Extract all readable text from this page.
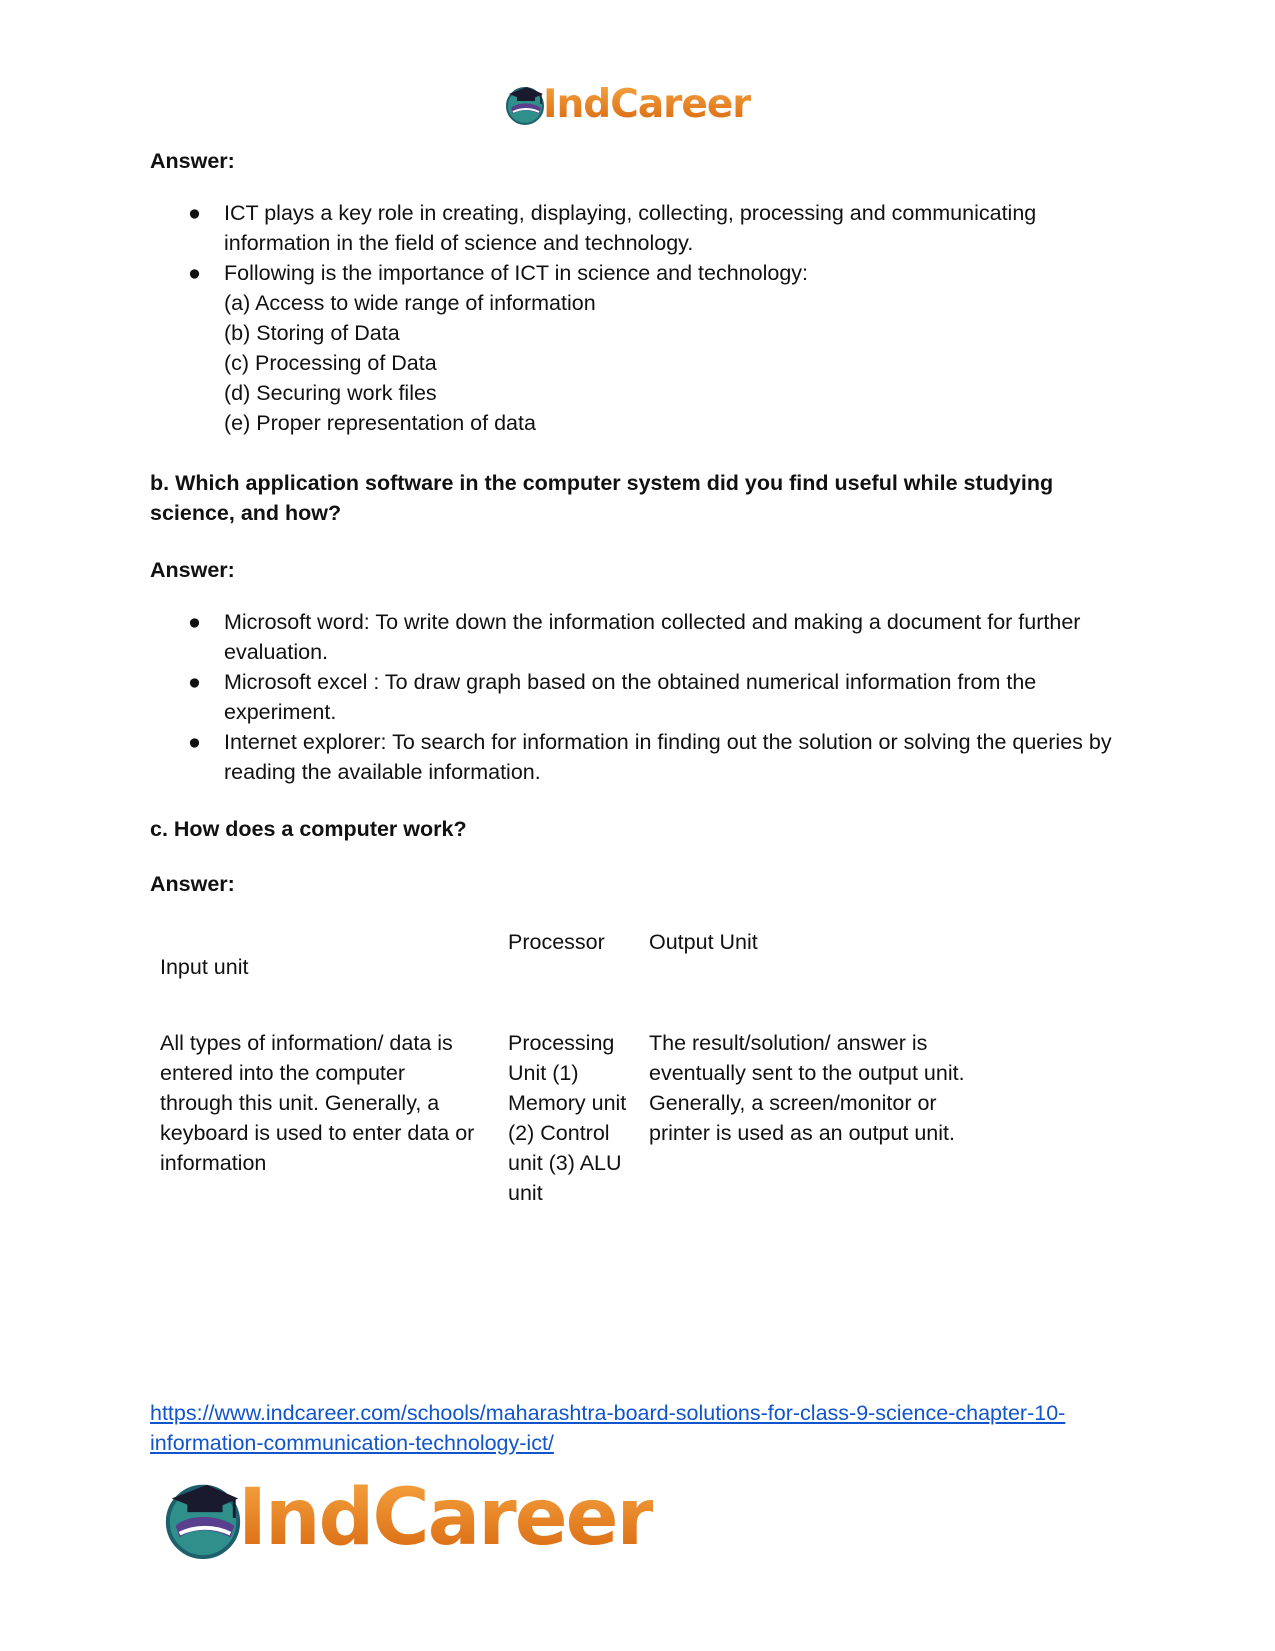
IndCareer
Answer:
● ICT plays a key role in creating, displaying, collecting, processing and communicating information in the field of science and technology.
● Following is the importance of ICT in science and technology:
(a) Access to wide range of information
(b) Storing of Data
(c) Processing of Data
(d) Securing work files
(e) Proper representation of data
b. Which application software in the computer system did you find useful while studying science, and how?
Answer:
● Microsoft word: To write down the information collected and making a document for further evaluation.
● Microsoft excel : To draw graph based on the obtained numerical information from the experiment.
● Internet explorer: To search for information in finding out the solution or solving the queries by reading the available information.
c. How does a computer work?
Answer:
Input unit
Processor	Output Unit
All types of information/ data is entered into the computer through this unit. Generally, a keyboard is used to enter data or information
Processing Unit (1) Memory unit (2) Control unit (3) ALU unit
The result/solution/ answer is eventually sent to the output unit. Generally, a screen/monitor or printer is used as an output unit.
https://www.indcareer.com/schools/maharashtra-board-solutions-for-class-9-science-chapter-10-information-communication-technology-ict/
IndCareer
